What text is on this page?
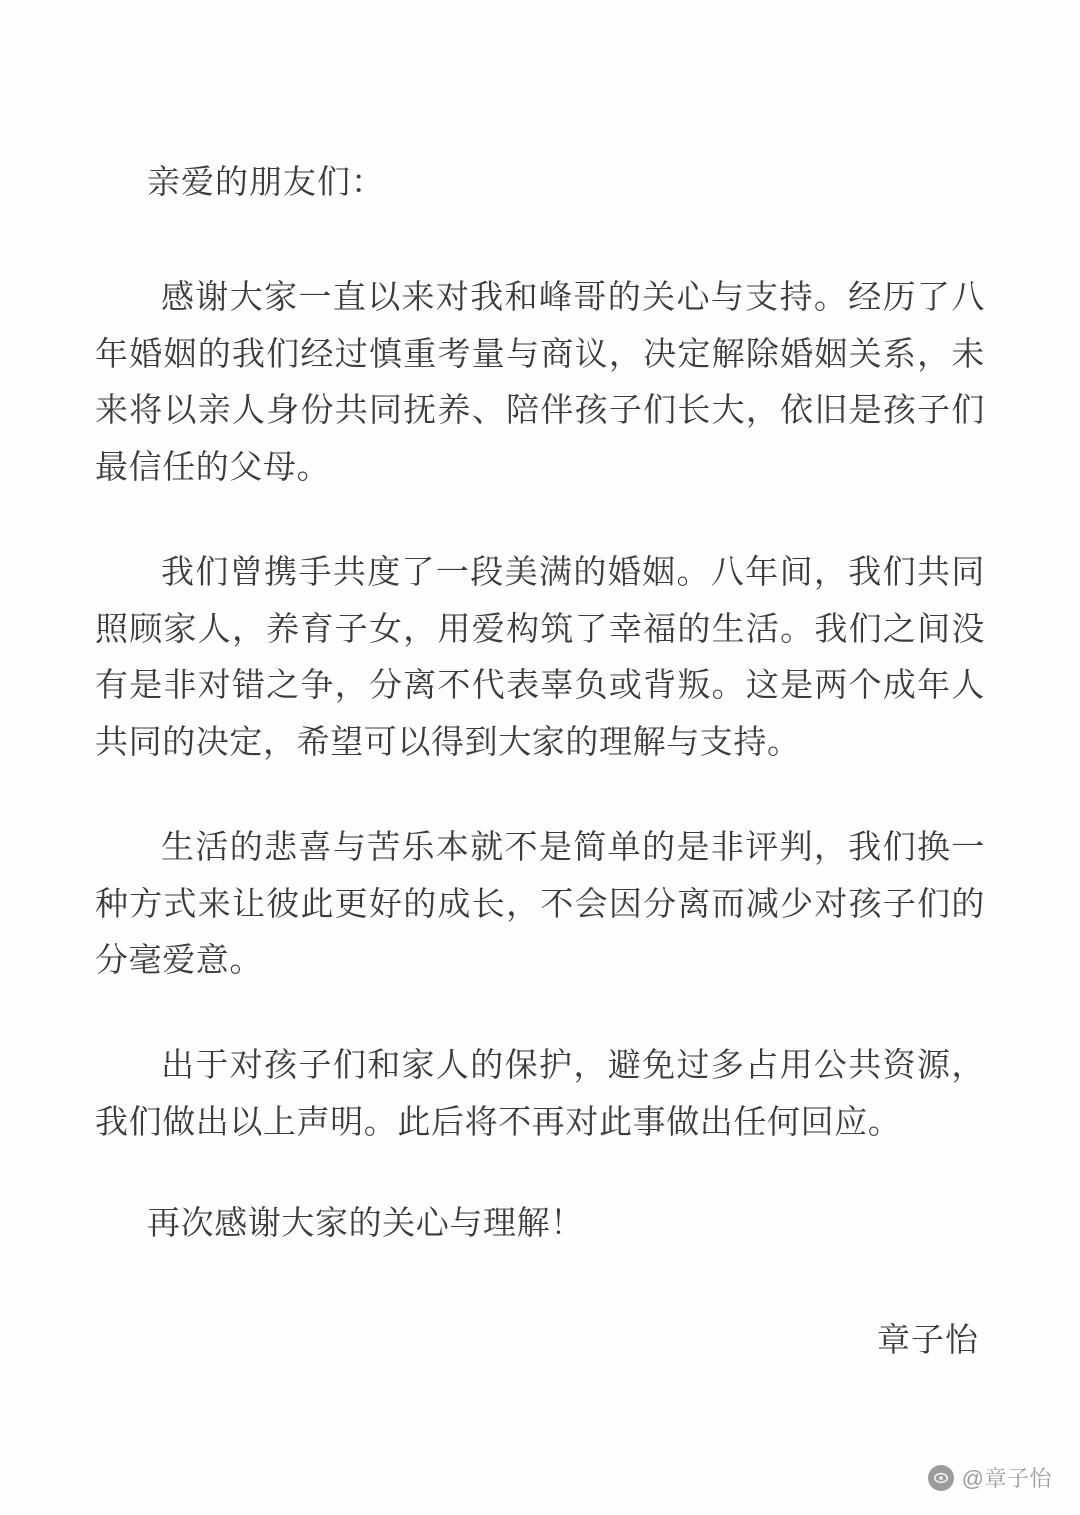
亲爱的朋友们：

感谢大家一直以来对我和峰哥的关心与支持。经历了八年婚姻的我们经过慎重考量与商议，决定解除婚姻关系，未来将以亲人身份共同抚养、陪伴孩子们长大，依旧是孩子们最信任的父母。

我们曾携手共度了一段美满的婚姻。八年间，我们共同照顾家人，养育子女，用爱构筑了幸福的生活。我们之间没有是非对错之争，分离不代表辜负或背叛。这是两个成年人共同的决定，希望可以得到大家的理解与支持。

生活的悲喜与苦乐本就不是简单的是非评判，我们换一种方式来让彼此更好的成长，不会因分离而减少对孩子们的分毫爱意。

出于对孩子们和家人的保护，避免过多占用公共资源，我们做出以上声明。此后将不再对此事做出任何回应。

再次感谢大家的关心与理解！

章子怡

@章子怡
